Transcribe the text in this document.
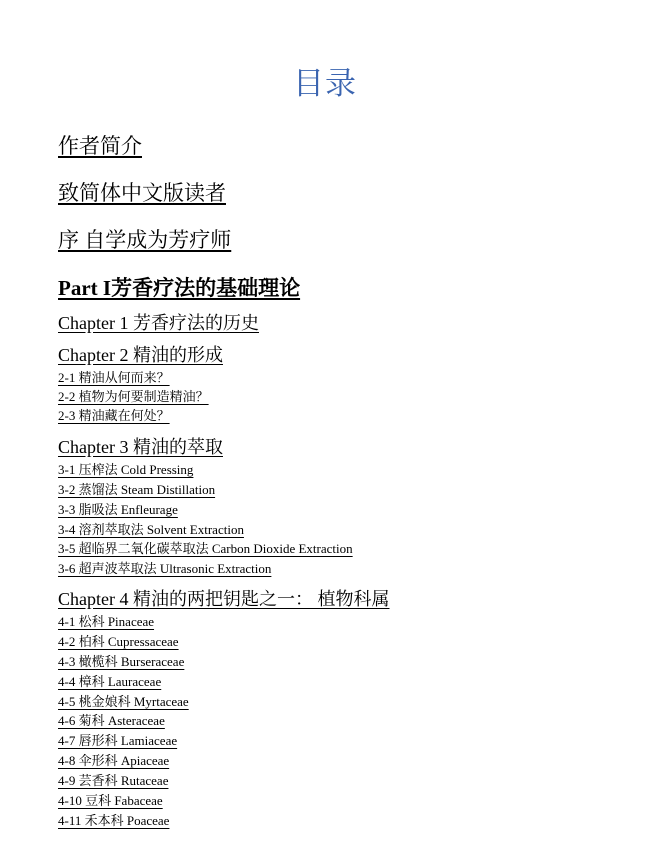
目录
作者简介
致简体中文版读者
序 自学成为芳疗师
Part I芳香疗法的基础理论
Chapter 1 芳香疗法的历史
Chapter 2 精油的形成
2-1 精油从何而来？
2-2 植物为何要制造精油？
2-3 精油藏在何处？
Chapter 3 精油的萃取
3-1 压榨法 Cold Pressing
3-2 蒸馏法 Steam Distillation
3-3 脂吸法 Enfleurage
3-4 溶剂萃取法 Solvent Extraction
3-5 超临界二氧化碳萃取法 Carbon Dioxide Extraction
3-6 超声波萃取法 Ultrasonic Extraction
Chapter 4 精油的两把钥匙之一： 植物科属
4-1 松科 Pinaceae
4-2 柏科 Cupressaceae
4-3 橄榄科 Burseraceae
4-4 樟科 Lauraceae
4-5 桃金娘科 Myrtaceae
4-6 菊科 Asteraceae
4-7 唇形科 Lamiaceae
4-8 伞形科 Apiaceae
4-9 芸香科 Rutaceae
4-10 豆科 Fabaceae
4-11 禾本科 Poaceae
